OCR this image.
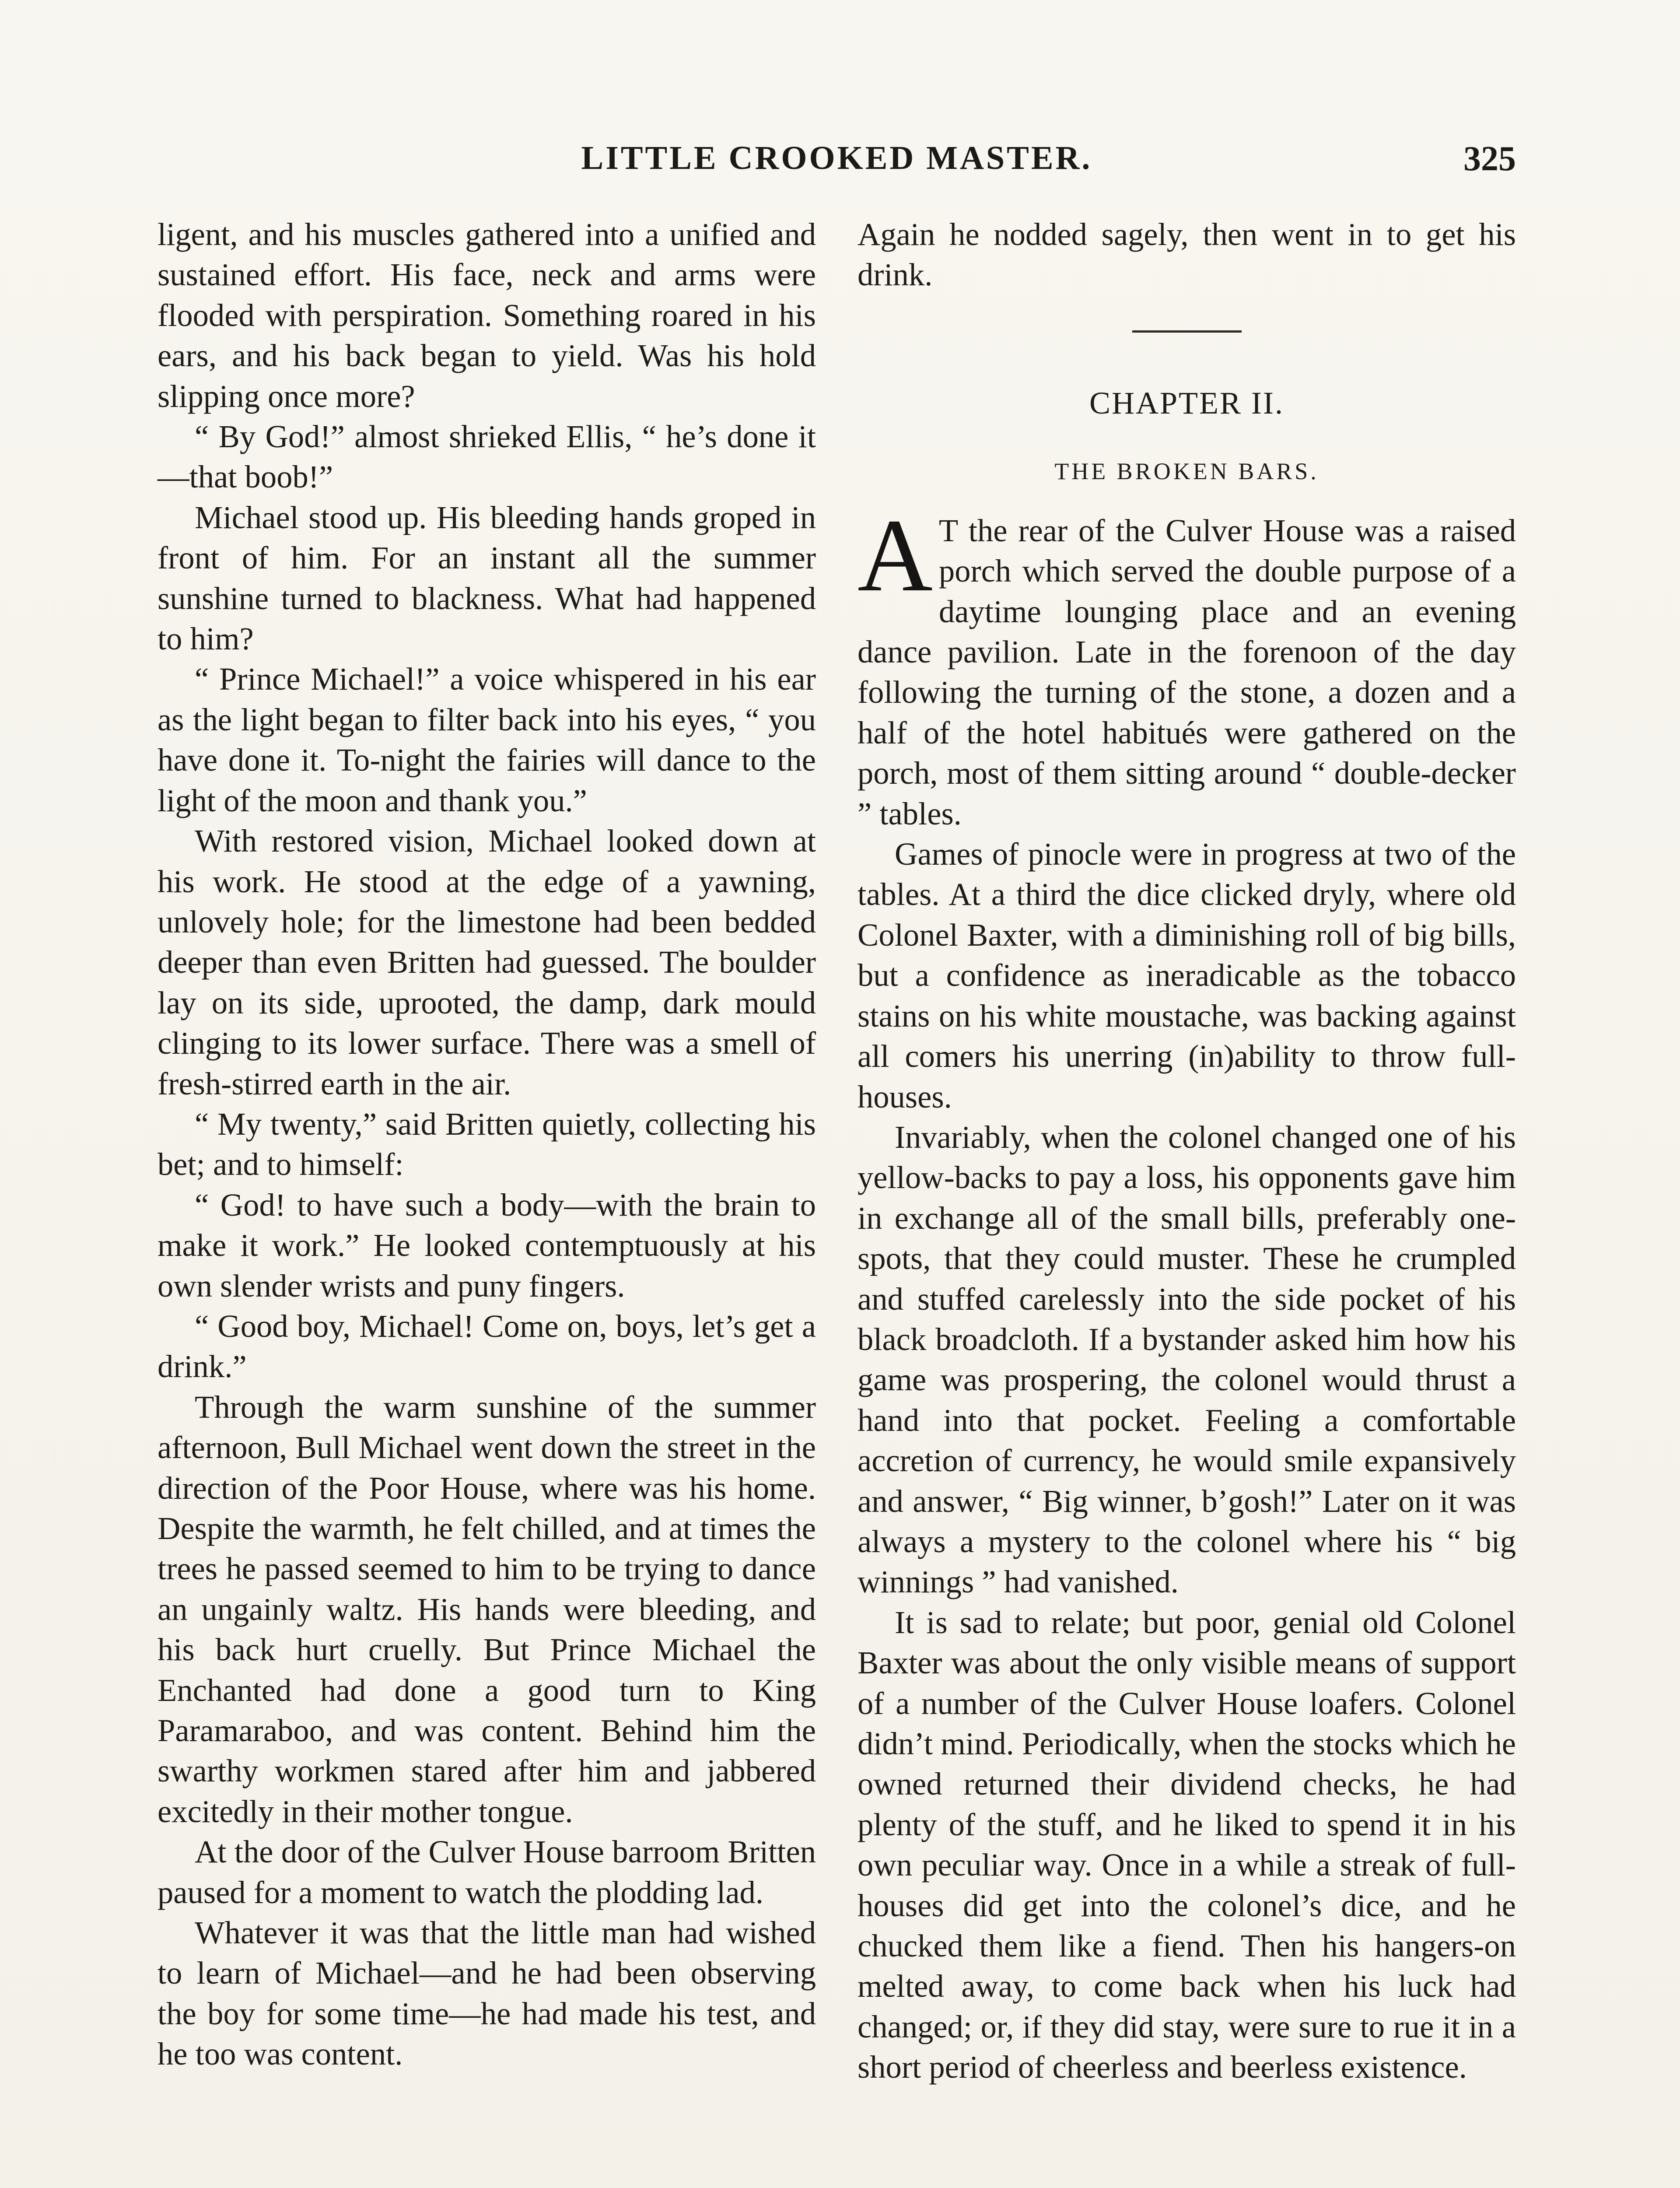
LITTLE CROOKED MASTER.	325

ligent, and his muscles gathered into a unified and sustained effort. His face, neck and arms were flooded with perspiration. Something roared in his ears, and his back began to yield. Was his hold slipping once more?

“ By God!” almost shrieked Ellis, “ he’s done it—that boob!”

Michael stood up. His bleeding hands groped in front of him. For an instant all the summer sunshine turned to blackness. What had happened to him?

“ Prince Michael!” a voice whispered in his ear as the light began to filter back into his eyes, “ you have done it. To-night the fairies will dance to the light of the moon and thank you.”

With restored vision, Michael looked down at his work. He stood at the edge of a yawning, unlovely hole; for the limestone had been bedded deeper than even Britten had guessed. The boulder lay on its side, uprooted, the damp, dark mould clinging to its lower surface. There was a smell of fresh-stirred earth in the air.

“ My twenty,” said Britten quietly, collecting his bet; and to himself:

“ God! to have such a body—with the brain to make it work.” He looked contemptuously at his own slender wrists and puny fingers.

“ Good boy, Michael! Come on, boys, let’s get a drink.”

Through the warm sunshine of the summer afternoon, Bull Michael went down the street in the direction of the Poor House, where was his home. Despite the warmth, he felt chilled, and at times the trees he passed seemed to him to be trying to dance an ungainly waltz. His hands were bleeding, and his back hurt cruelly. But Prince Michael the Enchanted had done a good turn to King Paramaraboo, and was content. Behind him the swarthy workmen stared after him and jabbered excitedly in their mother tongue.

At the door of the Culver House barroom Britten paused for a moment to watch the plodding lad.

Whatever it was that the little man had wished to learn of Michael—and he had been observing the boy for some time—he had made his test, and he too was content.

Again he nodded sagely, then went in to get his drink.

CHAPTER II.
THE BROKEN BARS.

A T the rear of the Culver House was a raised porch which served the double purpose of a daytime lounging place and an evening dance pavilion. Late in the forenoon of the day following the turning of the stone, a dozen and a half of the hotel habitués were gathered on the porch, most of them sitting around “ double-decker ” tables.

Games of pinocle were in progress at two of the tables. At a third the dice clicked dryly, where old Colonel Baxter, with a diminishing roll of big bills, but a confidence as ineradicable as the tobacco stains on his white moustache, was backing against all comers his unerring (in)ability to throw full-houses.

Invariably, when the colonel changed one of his yellow-backs to pay a loss, his opponents gave him in exchange all of the small bills, preferably one-spots, that they could muster. These he crumpled and stuffed carelessly into the side pocket of his black broadcloth. If a bystander asked him how his game was prospering, the colonel would thrust a hand into that pocket. Feeling a comfortable accretion of currency, he would smile expansively and answer, “ Big winner, b’gosh!” Later on it was always a mystery to the colonel where his “ big winnings ” had vanished.

It is sad to relate; but poor, genial old Colonel Baxter was about the only visible means of support of a number of the Culver House loafers. Colonel didn’t mind. Periodically, when the stocks which he owned returned their dividend checks, he had plenty of the stuff, and he liked to spend it in his own peculiar way. Once in a while a streak of full-houses did get into the colonel’s dice, and he chucked them like a fiend. Then his hangers-on melted away, to come back when his luck had changed; or, if they did stay, were sure to rue it in a short period of cheerless and beerless existence.
